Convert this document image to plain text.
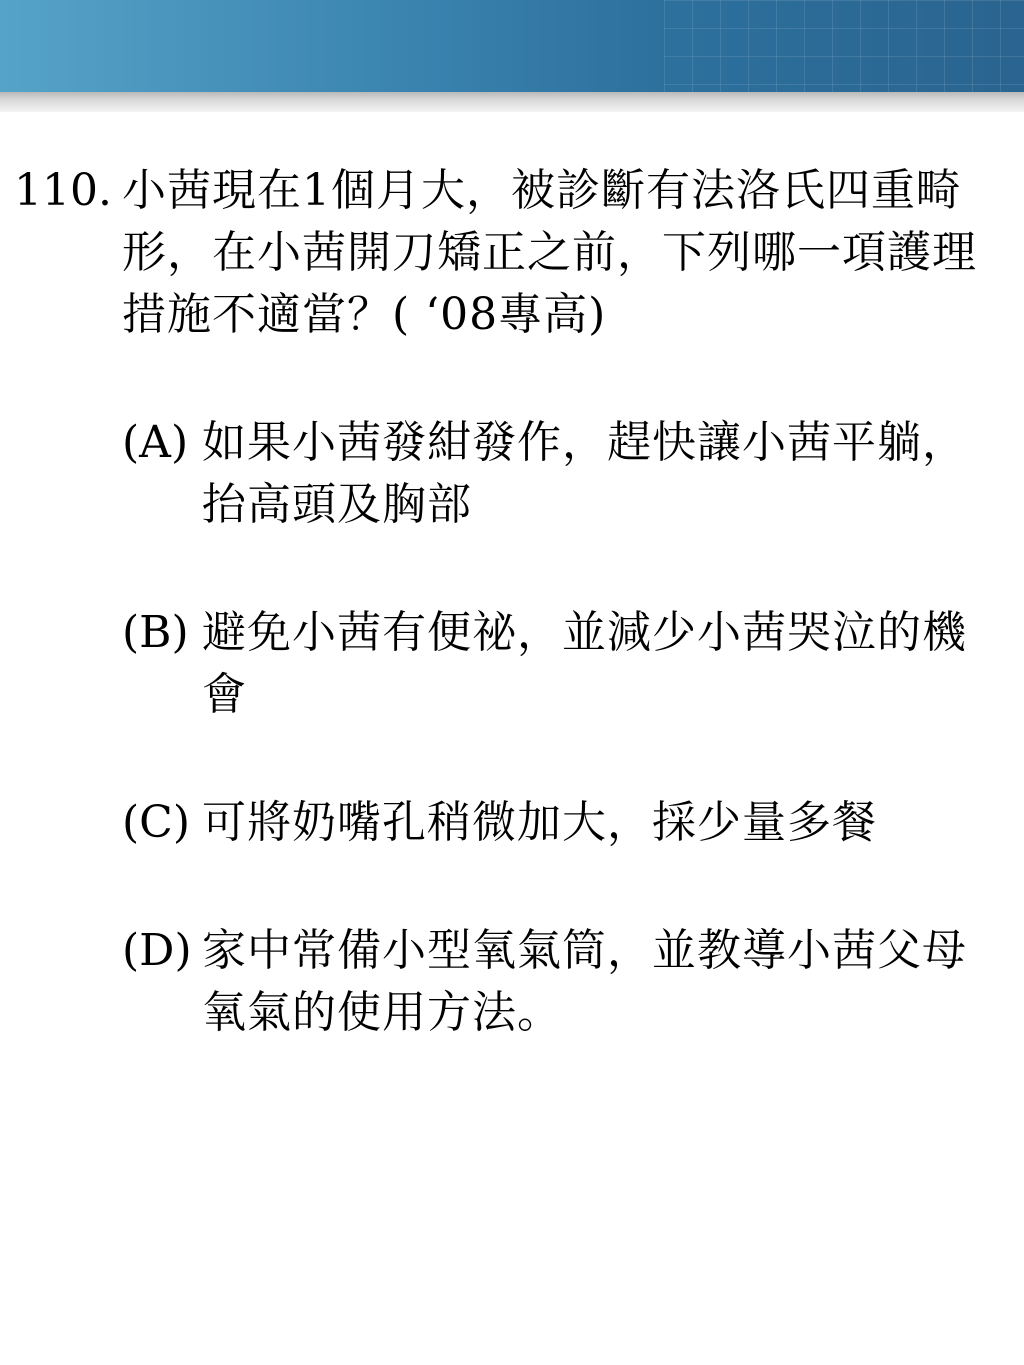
110. 小茜現在1個月大，被診斷有法洛氏四重畸形，在小茜開刀矯正之前，下列哪一項護理措施不適當？( ‘08專高)
(A) 如果小茜發紺發作，趕快讓小茜平躺，抬高頭及胸部
(B) 避免小茜有便祕，並減少小茜哭泣的機會
(C) 可將奶嘴孔稍微加大，採少量多餐
(D) 家中常備小型氧氣筒，並教導小茜父母氧氣的使用方法。
